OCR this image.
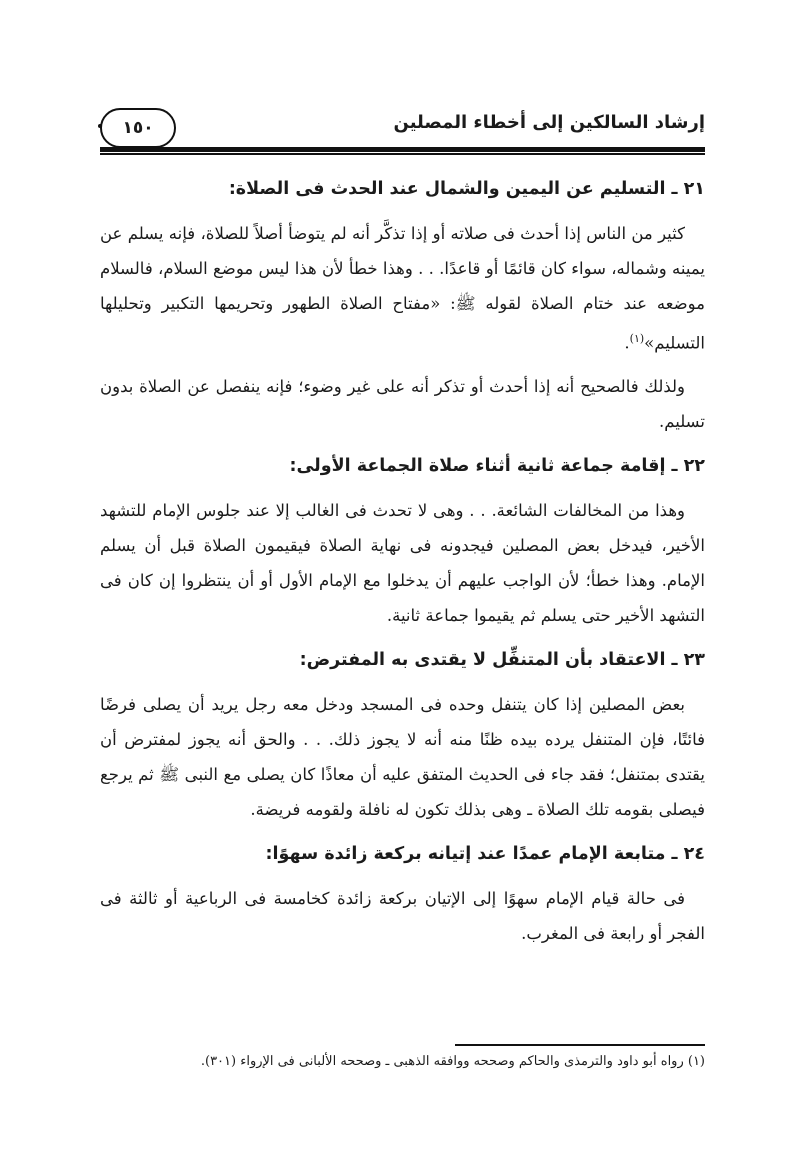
إرشاد السالكين إلى أخطاء المصلين
١٥٠

٢١ ـ التسليم عن اليمين والشمال عند الحدث فى الصلاة:

كثير من الناس إذا أحدث فى صلاته أو إذا تذكَّر أنه لم يتوضأ أصلاً للصلاة، فإنه يسلم عن يمينه وشماله، سواء كان قائمًا أو قاعدًا. . . وهذا خطأ لأن هذا ليس موضع السلام، فالسلام موضعه عند ختام الصلاة لقوله ﷺ: «مفتاح الصلاة الطهور وتحريمها التكبير وتحليلها التسليم»$^{(١)}$.

ولذلك فالصحيح أنه إذا أحدث أو تذكر أنه على غير وضوء؛ فإنه ينفصل عن الصلاة بدون تسليم.

٢٢ ـ إقامة جماعة ثانية أثناء صلاة الجماعة الأولى:

وهذا من المخالفات الشائعة. . . وهى لا تحدث فى الغالب إلا عند جلوس الإمام للتشهد الأخير، فيدخل بعض المصلين فيجدونه فى نهاية الصلاة فيقيمون الصلاة قبل أن يسلم الإمام. وهذا خطأ؛ لأن الواجب عليهم أن يدخلوا مع الإمام الأول أو أن ينتظروا إن كان فى التشهد الأخير حتى يسلم ثم يقيموا جماعة ثانية.

٢٣ ـ الاعتقاد بأن المتنفِّل لا يقتدى به المفترض:

بعض المصلين إذا كان يتنفل وحده فى المسجد ودخل معه رجل يريد أن يصلى فرضًا فائتًا، فإن المتنفل يرده بيده ظنًا منه أنه لا يجوز ذلك. . . والحق أنه يجوز لمفترض أن يقتدى بمتنفل؛ فقد جاء فى الحديث المتفق عليه أن معاذًا كان يصلى مع النبى ﷺ ثم يرجع فيصلى بقومه تلك الصلاة ـ وهى بذلك تكون له نافلة ولقومه فريضة.

٢٤ ـ متابعة الإمام عمدًا عند إتيانه بركعة زائدة سهوًا:

فى حالة قيام الإمام سهوًا إلى الإتيان بركعة زائدة كخامسة فى الرباعية أو ثالثة فى الفجر أو رابعة فى المغرب.

(١) رواه أبو داود والترمذى والحاكم وصححه ووافقه الذهبى ـ وصححه الألبانى فى الإرواء (٣٠١).
